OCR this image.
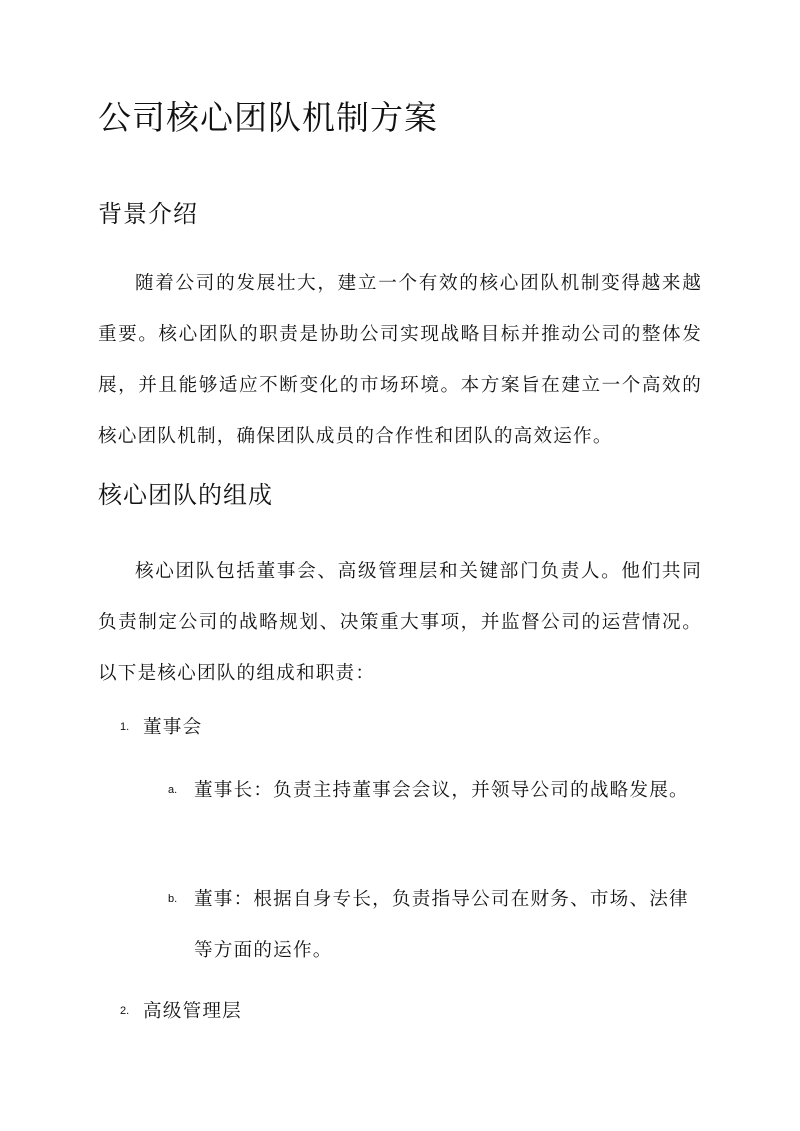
公司核心团队机制方案
背景介绍

随着公司的发展壮大，建立一个有效的核心团队机制变得越来越重要。核心团队的职责是协助公司实现战略目标并推动公司的整体发展，并且能够适应不断变化的市场环境。本方案旨在建立一个高效的核心团队机制，确保团队成员的合作性和团队的高效运作。

核心团队的组成

核心团队包括董事会、高级管理层和关键部门负责人。他们共同负责制定公司的战略规划、决策重大事项，并监督公司的运营情况。以下是核心团队的组成和职责：

1. 董事会
a. 董事长：负责主持董事会会议，并领导公司的战略发展。
b. 董事：根据自身专长，负责指导公司在财务、市场、法律等方面的运作。
2. 高级管理层
